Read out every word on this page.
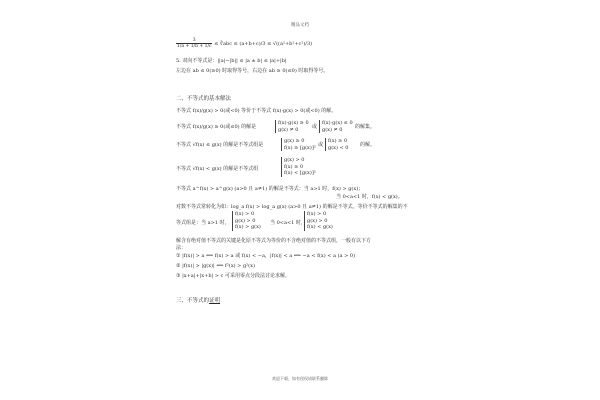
精品文档
$\frac{3}{1/a + 1/b + 1/c}$ ≤ ∛abc ≤ (a+b+c)/3 ≤ √((a²+b²+c²)/3)
5. 双向不等式是：||a|−|b|| ≤ |a ± b| ≤ |a|+|b|
左边在 ab ≤ 0(≥0) 时取得等号，右边在 ab ≥ 0(≤0) 时取得等号。
二、不等式的基本解法
不等式 f(x)/g(x) > 0(或<0) 等价于不等式 f(x)·g(x) > 0(或<0) 的解。
不等式 f(x)/g(x) ≥ 0(或≤0) 的解是
f(x)·g(x) ≥ 0
g(x) ≠ 0	或
f(x)·g(x) ≤ 0
g(x) ≠ 0	的解集。
不等式 √f(x) ≤ g(x) 的解是不等式组是
g(x) ≥ 0
f(x) ≥ [g(x)]² 或
f(x) ≥ 0
g(x) < 0 的解。
不等式 √f(x) < g(x) 的解是不等式组
g(x) > 0
f(x) ≥ 0
f(x) < [g(x)]²
不等式 a^f(x) > a^g(x) (a>0 且 a≠1) 的解是不等式：当 a>1 时，f(x) > g(x)；
当 0<a<1 时，f(x) < g(x)。
对数不等式常转化为如：log_a f(x) > log_a g(x) (a>0 且 a≠1) 的解是不等式。等价不等式的解集的不
等式组是：当 a>1 时，
f(x) > 0
g(x) > 0
f(x) > g(x)
当 0<a<1 时，
f(x) > 0
g(x) > 0
f(x) < g(x)
解含有绝对值不等式的关键是化原不等式为等价的不含绝对值的不等式组，一般有以下方
法：
① |f(x)| > a ⟺ f(x) > a 或 f(x) < −a，|f(x)| < a ⟺ −a < f(x) < a (a > 0)
② |f(x)| > |g(x)| ⟺ f²(x) > g²(x)
③ |x+a|+|x+b| > c 可采用零点分段法讨论求解。
三、不等式的证明
欢迎下载，如有侵权请联系删除
